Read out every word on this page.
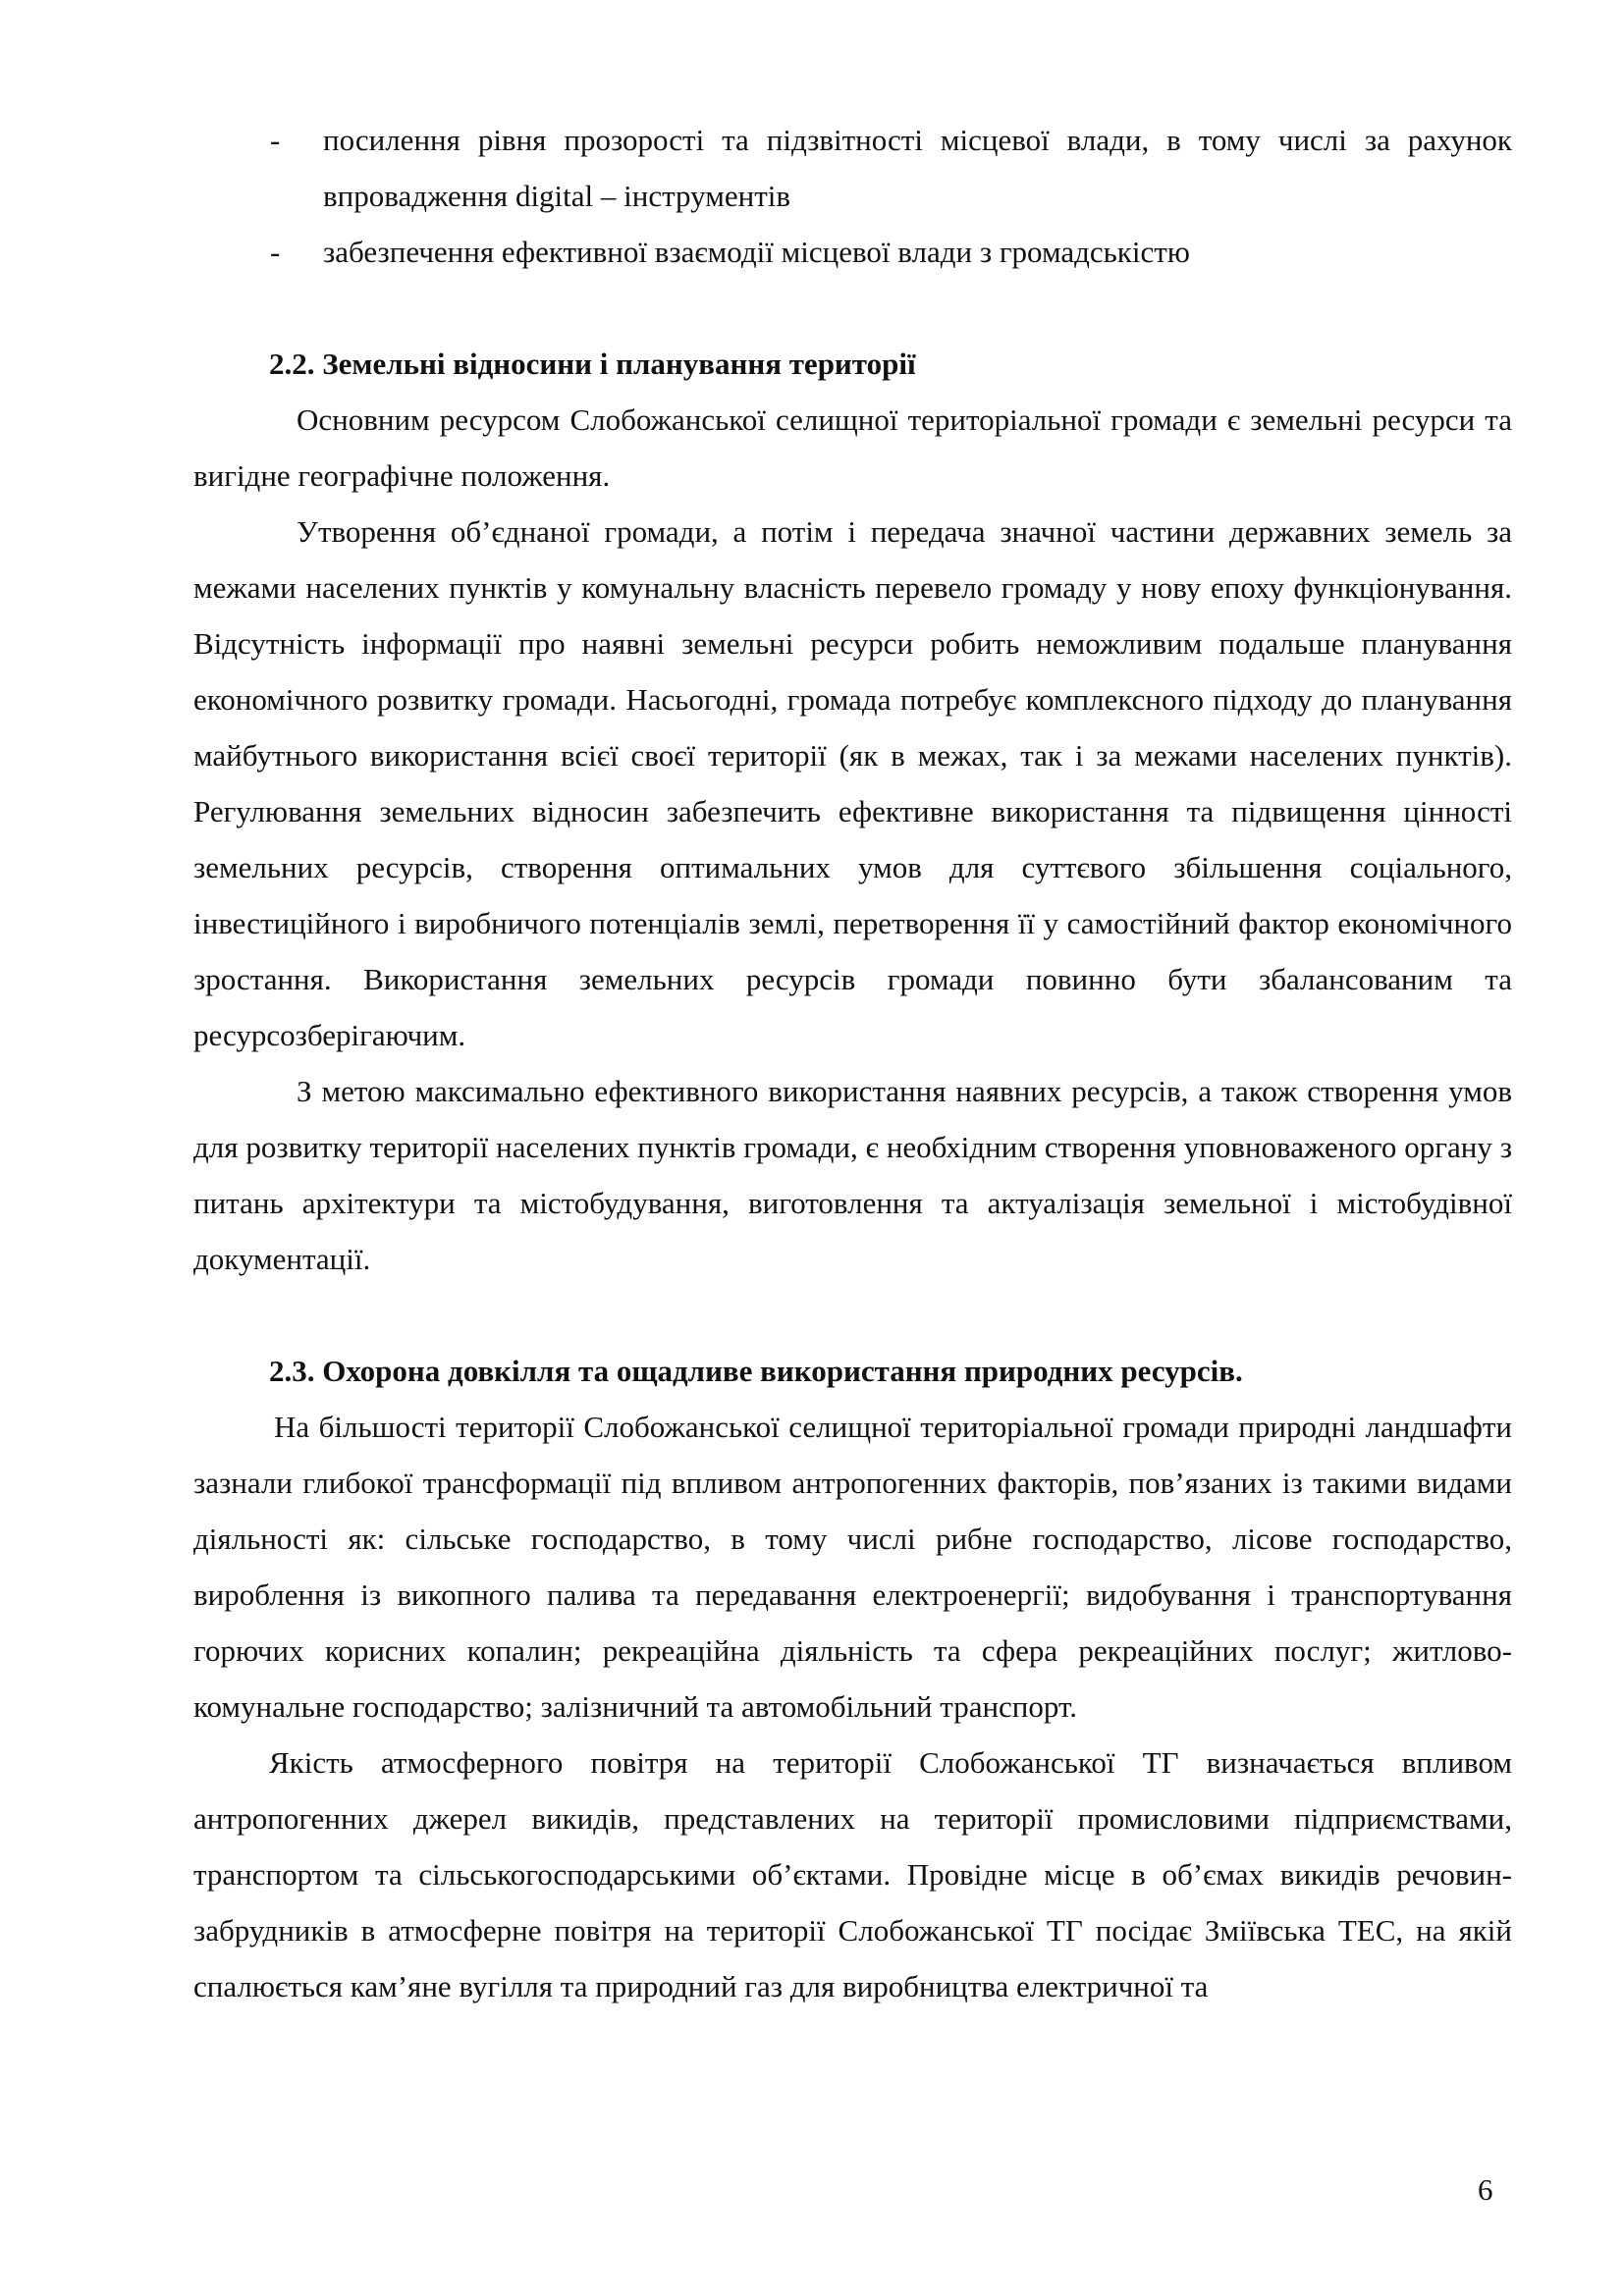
- посилення рівня прозорості та підзвітності місцевої влади, в тому числі за рахунок впровадження digital – інструментів
- забезпечення ефективної взаємодії місцевої влади з громадськістю
2.2. Земельні відносини і планування території
Основним ресурсом Слобожанської селищної територіальної громади є земельні ресурси та вигідне географічне положення.
Утворення об’єднаної громади, а потім і передача значної частини державних земель за межами населених пунктів у комунальну власність перевело громаду у нову епоху функціонування. Відсутність інформації про наявні земельні ресурси робить неможливим подальше планування економічного розвитку громади. Насьогодні, громада потребує комплексного підходу до планування майбутнього використання всієї своєї території (як в межах, так і за межами населених пунктів). Регулювання земельних відносин забезпечить ефективне використання та підвищення цінності земельних ресурсів, створення оптимальних умов для суттєвого збільшення соціального, інвестиційного і виробничого потенціалів землі, перетворення її у самостійний фактор економічного зростання. Використання земельних ресурсів громади повинно бути збалансованим та ресурсозберігаючим.
З метою максимально ефективного використання наявних ресурсів, а також створення умов для розвитку території населених пунктів громади, є необхідним створення уповноваженого органу з питань архітектури та містобудування, виготовлення та актуалізація земельної і містобудівної документації.
2.3. Охорона довкілля та ощадливе використання природних ресурсів.
На більшості території Слобожанської селищної територіальної громади природні ландшафти зазнали глибокої трансформації під впливом антропогенних факторів, пов’язаних із такими видами діяльності як: сільське господарство, в тому числі рибне господарство, лісове господарство, вироблення із викопного палива та передавання електроенергії; видобування і транспортування горючих корисних копалин; рекреаційна діяльність та сфера рекреаційних послуг; житлово-комунальне господарство; залізничний та автомобільний транспорт.
Якість атмосферного повітря на території Слобожанської ТГ визначається впливом антропогенних джерел викидів, представлених на території промисловими підприємствами, транспортом та сільськогосподарськими об’єктами. Провідне місце в об’ємах викидів речовин-забрудників в атмосферне повітря на території Слобожанської ТГ посідає Зміївська ТЕС, на якій спалюється кам’яне вугілля та природний газ для виробництва електричної та
6
